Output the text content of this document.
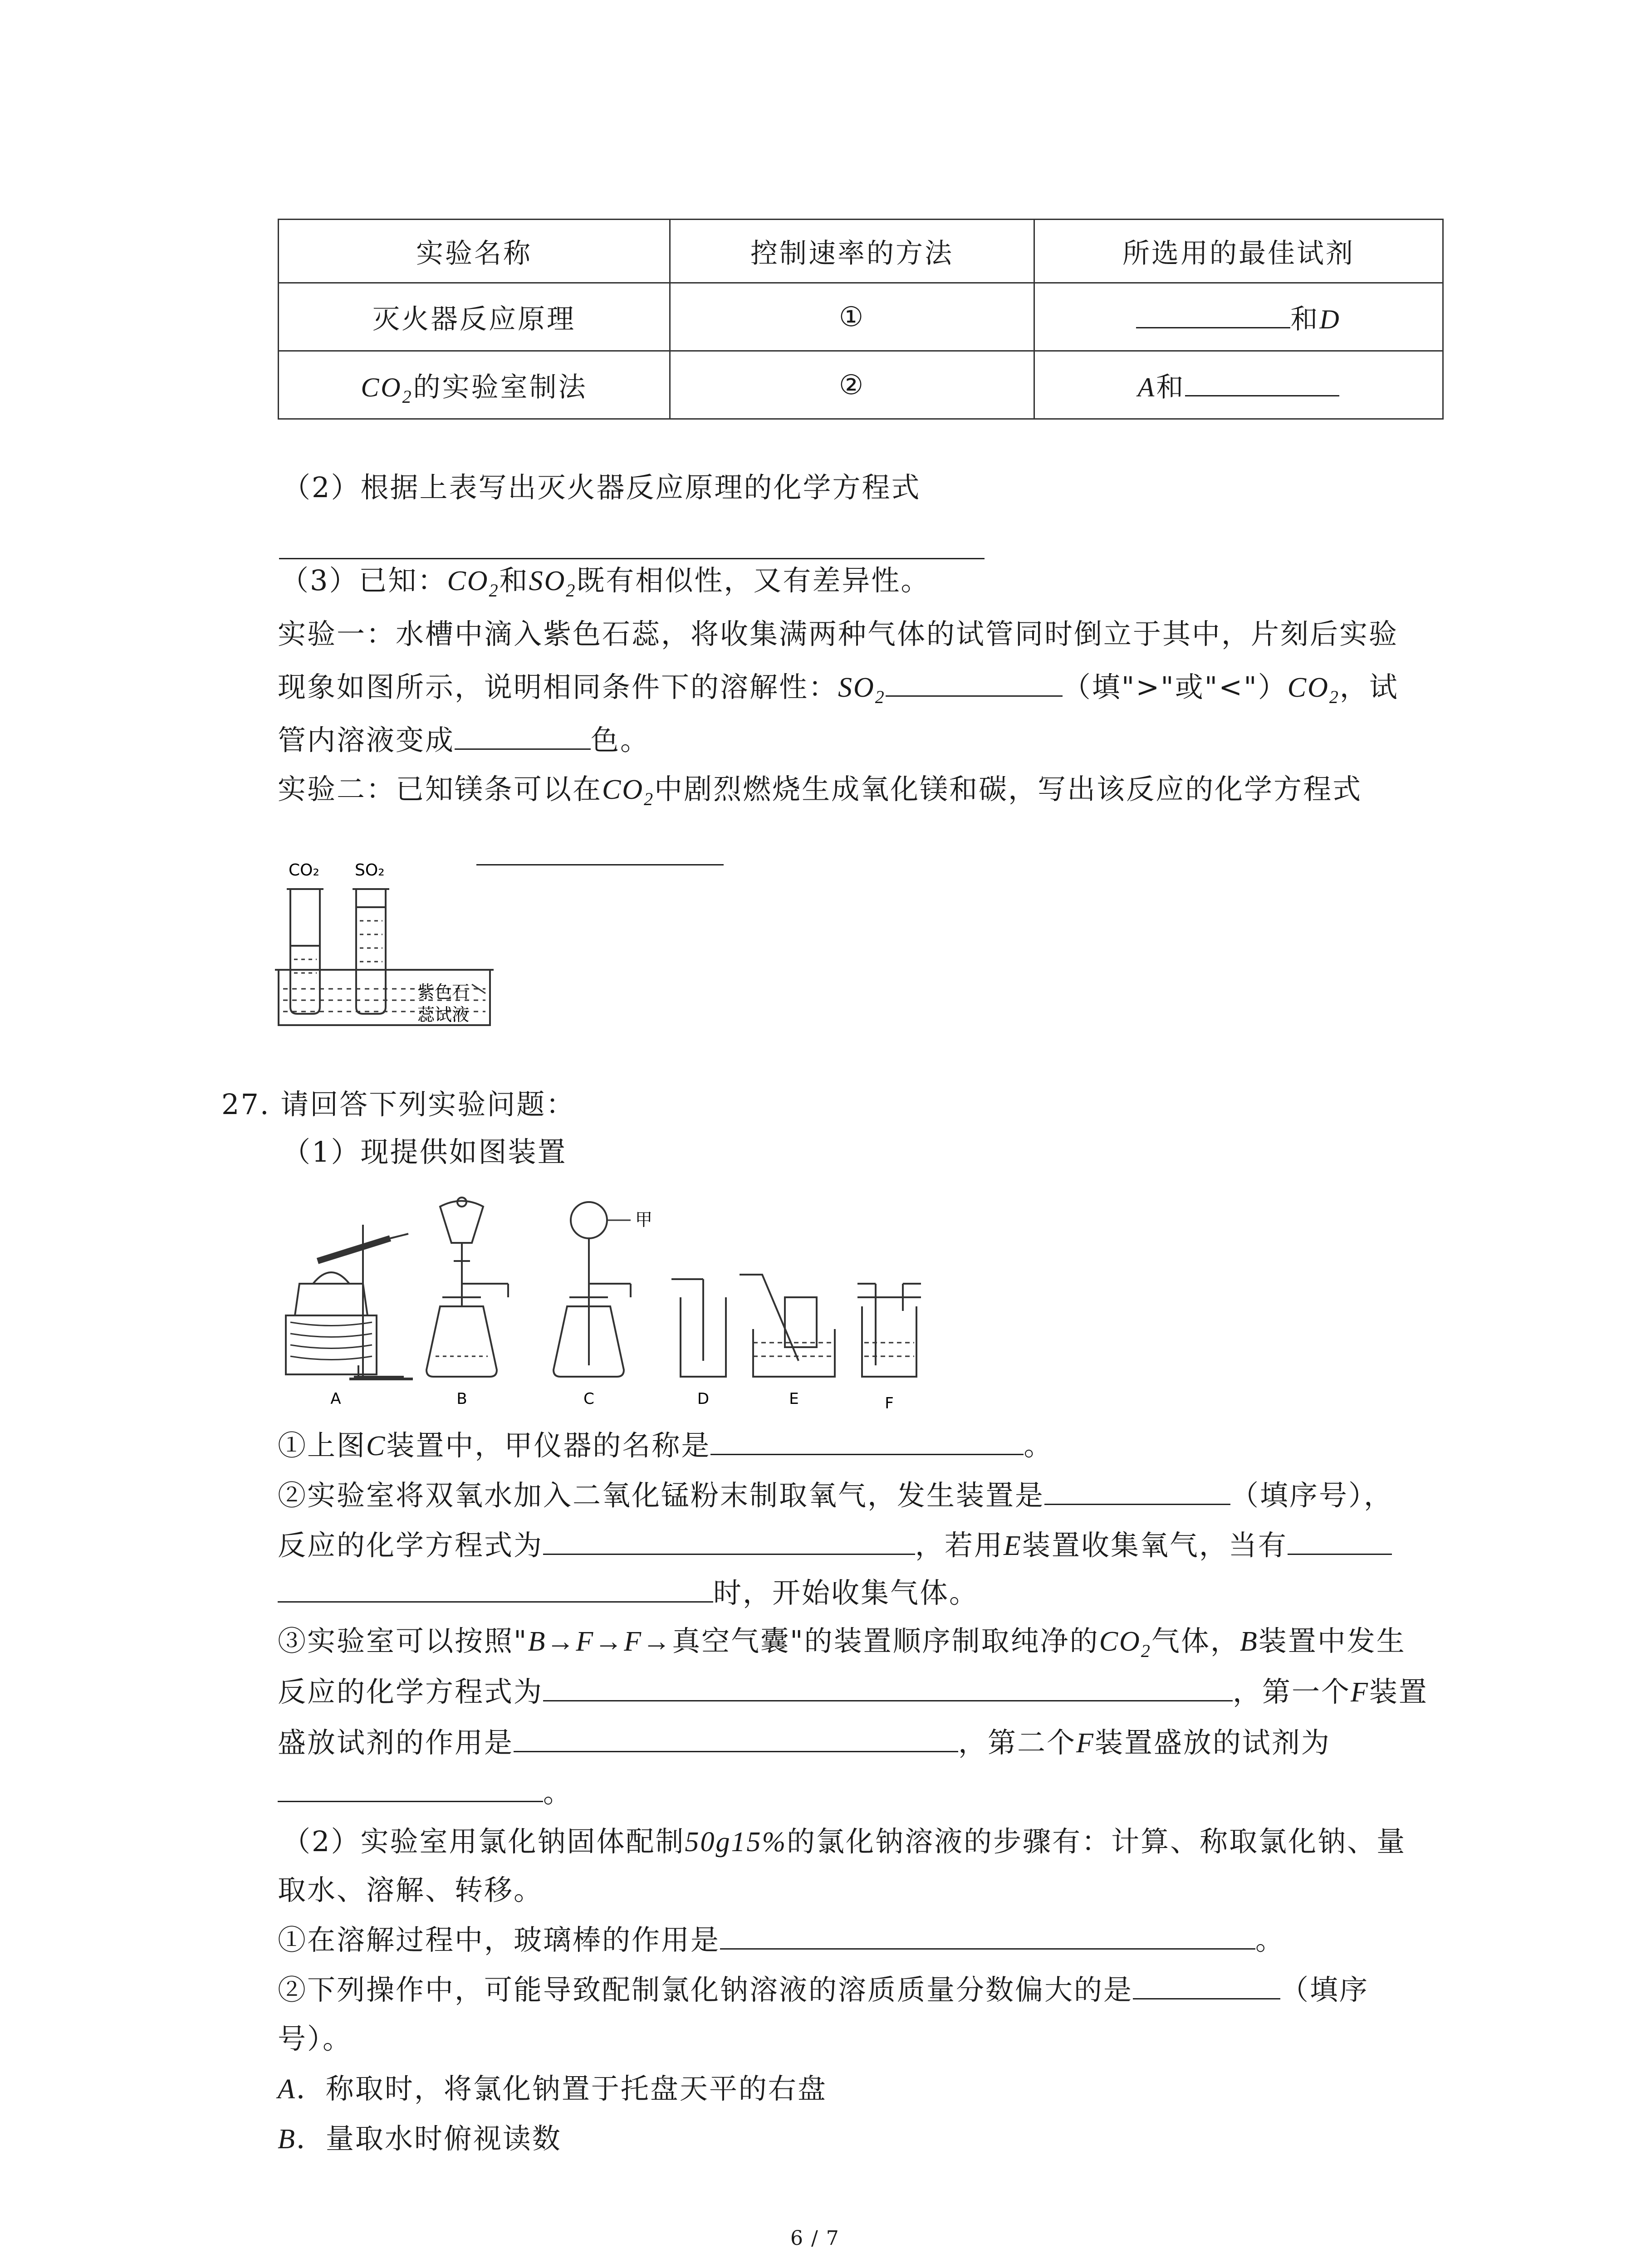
实验名称	控制速率的方法	所选用的最佳试剂
灭火器反应原理	①	和D
$CO_2$的实验室制法	②	A和
（2）根据上表写出灭火器反应原理的化学方程式
（3）已知：$CO_2$和$SO_2$既有相似性，又有差异性。
实验一：水槽中滴入紫色石蕊，将收集满两种气体的试管同时倒立于其中，片刻后实验
现象如图所示，说明相同条件下的溶解性：$SO_2$	（填">"或"$<")CO_2$，试
管内溶液变成	色。
实验二：已知镁条可以在$CO_2$中剧烈燃烧生成氧化镁和碳，写出该反应的化学方程式
CO₂ SO₂
紫色石
蕊试液
27. 请回答下列实验问题：
（1）现提供如图装置
甲
A	B	C	D	E	F
①上图C装置中，甲仪器的名称是	。
②实验室将双氧水加入二氧化锰粉末制取氧气，发生装置是	（填序号），
反应的化学方程式为	，若用E装置收集氧气，当有
时，开始收集气体。
③实验室可以按照"B→F→F→真空气囊"的装置顺序制取纯净的$CO_2$气体，B装置中发生
反应的化学方程式为	，第一个F装置
盛放试剂的作用是	，第二个F装置盛放的试剂为
。
（2）实验室用氯化钠固体配制50g15%的氯化钠溶液的步骤有：计算、称取氯化钠、量
取水、溶解、转移。
①在溶解过程中，玻璃棒的作用是	。
②下列操作中，可能导致配制氯化钠溶液的溶质质量分数偏大的是	（填序
号）。
A．称取时，将氯化钠置于托盘天平的右盘
B．量取水时俯视读数
6 / 7
